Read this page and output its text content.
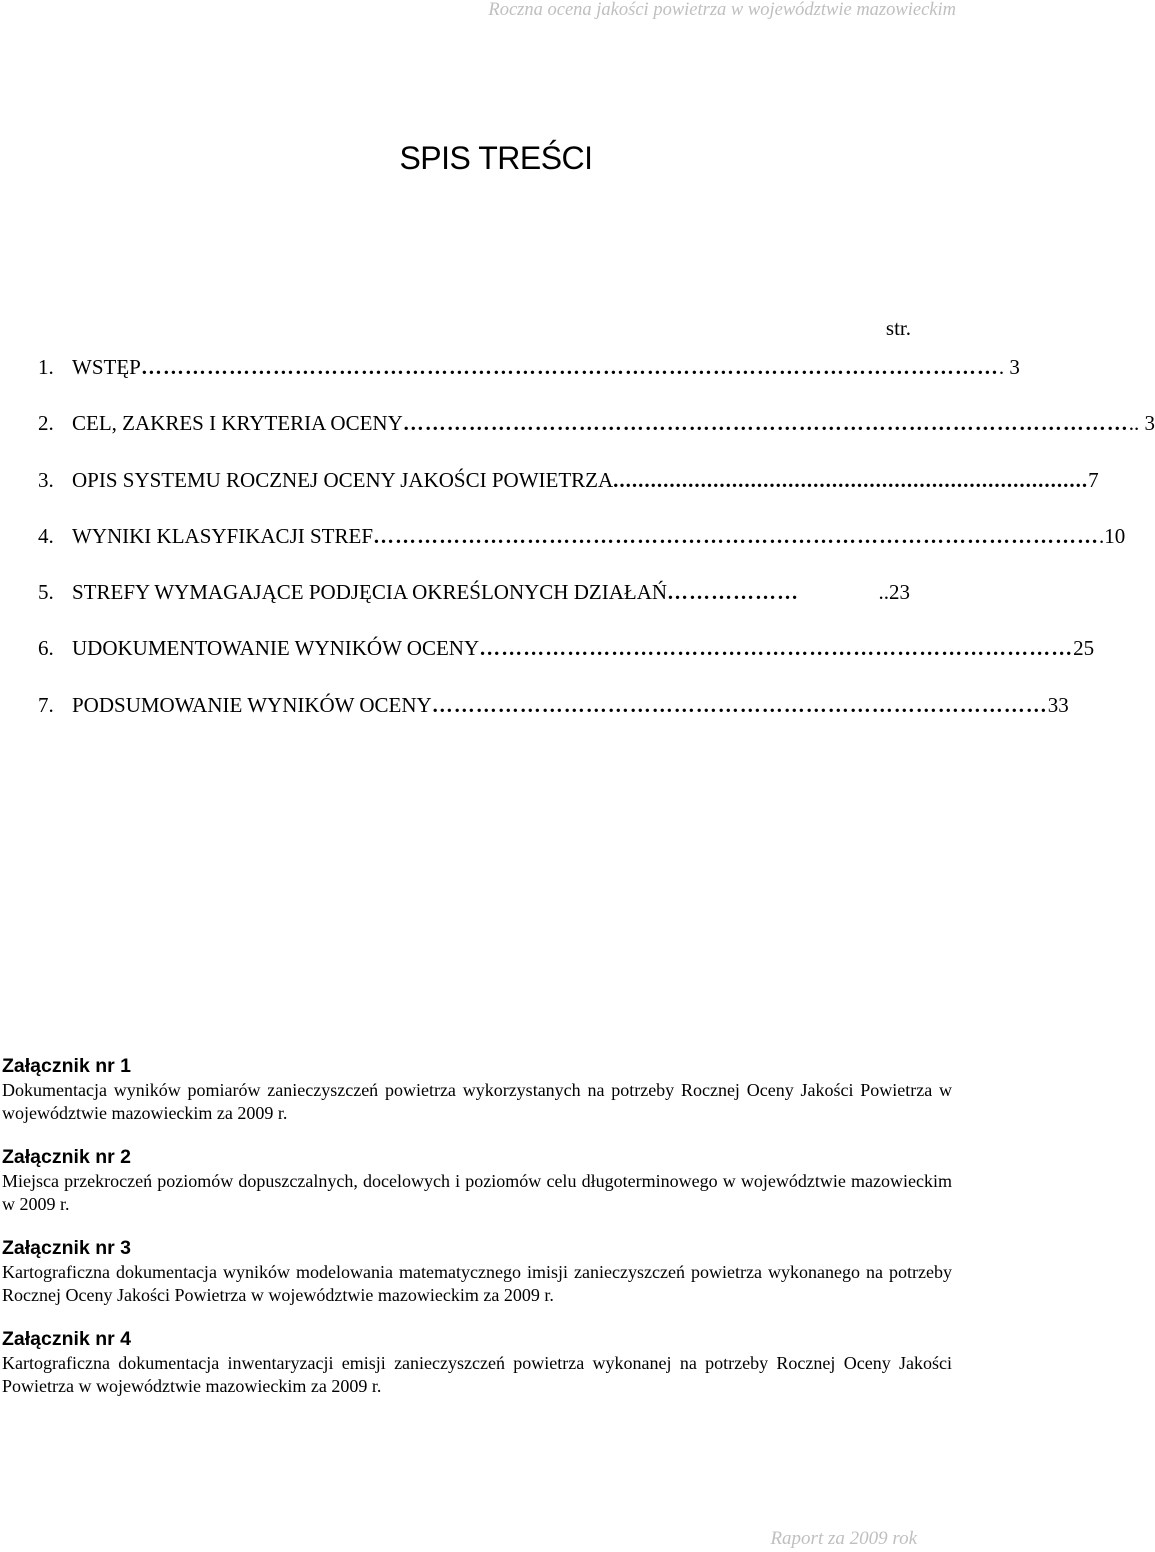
Roczna ocena jakości powietrza w województwie mazowieckim
SPIS TREŚCI
str.
1. WSTĘP ……………………………………………………………………………………………………… . 3
2. CEL, ZAKRES I KRYTERIA OCENY ……………………………………………………………………………………… .. 3
3. OPIS SYSTEMU ROCZNEJ OCENY JAKOŚCI POWIETRZA ............................................................................ 7
4. WYNIKI KLASYFIKACJI STREF ……………………………………………………………………………………… .10
5. STREFY WYMAGAJĄCE PODJĘCIA OKREŚLONYCH DZIAŁAŃ ………………	..23
6. UDOKUMENTOWANIE WYNIKÓW OCENY ……………………………………………………………………… 25
7. PODSUMOWANIE WYNIKÓW OCENY ………………………………………………………………………… 33
Załącznik nr 1
Dokumentacja wyników pomiarów zanieczyszczeń powietrza wykorzystanych na potrzeby Rocznej Oceny Jakości Powietrza w województwie mazowieckim za 2009 r.
Załącznik nr 2
Miejsca przekroczeń poziomów dopuszczalnych, docelowych i poziomów celu długoterminowego w województwie mazowieckim w 2009 r.
Załącznik nr 3
Kartograficzna dokumentacja wyników modelowania matematycznego imisji zanieczyszczeń powietrza wykonanego na potrzeby Rocznej Oceny Jakości Powietrza w województwie mazowieckim za 2009 r.
Załącznik nr 4
Kartograficzna dokumentacja inwentaryzacji emisji zanieczyszczeń powietrza wykonanej na potrzeby Rocznej Oceny Jakości Powietrza w województwie mazowieckim za 2009 r.
Raport za 2009 rok
